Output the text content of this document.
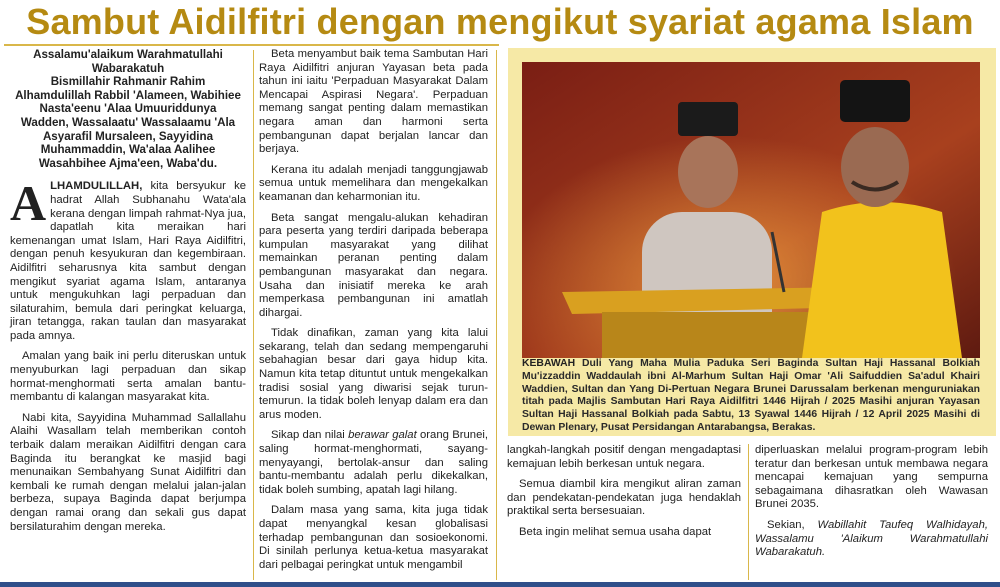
Sambut Aidilfitri dengan mengikut syariat agama Islam
Assalamu'alaikum Warahmatullahi
Wabarakatuh
Bismillahir Rahmanir Rahim
Alhamdulillah Rabbil 'Alameen, Wabihiee
Nasta'eenu 'Alaa Umuuriddunya
Wadden, Wassalaatu' Wassalaamu 'Ala
Asyarafil Mursaleen, Sayyidina
Muhammaddin, Wa'alaa Aalihee
Wasahbihee Ajma'een, Waba'du.

ALHAMDULILLAH, kita bersyukur ke hadrat Allah Subhanahu Wata'ala kerana dengan limpah rahmat-Nya jua, dapatlah kita meraikan hari kemenangan umat Islam, Hari Raya Aidilfitri, dengan penuh kesyukuran dan kegembiraan. Aidilfitri seharusnya kita sambut dengan mengikut syariat agama Islam, antaranya untuk mengukuhkan lagi perpaduan dan silaturahim, bemula dari peringkat keluarga, jiran tetangga, rakan taulan dan masyarakat pada amnya.

Amalan yang baik ini perlu diteruskan untuk menyuburkan lagi perpaduan dan sikap hormat-menghormati serta amalan bantu-membantu di kalangan masyarakat kita.

Nabi kita, Sayyidina Muhammad Sallallahu Alaihi Wasallam telah memberikan contoh terbaik dalam meraikan Aidilfitri dengan cara Baginda itu berangkat ke masjid bagi menunaikan Sembahyang Sunat Aidilfitri dan kembali ke rumah dengan melalui jalan-jalan berbeza, supaya Baginda dapat berjumpa dengan ramai orang dan sekali gus dapat bersilaturahim dengan mereka.

Beta menyambut baik tema Sambutan Hari Raya Aidilfitri anjuran Yayasan beta pada tahun ini iaitu 'Perpaduan Masyarakat Dalam Mencapai Aspirasi Negara'. Perpaduan memang sangat penting dalam memastikan negara aman dan harmoni serta pembangunan dapat berjalan lancar dan berjaya.

Kerana itu adalah menjadi tanggungjawab semua untuk memelihara dan mengekalkan keamanan dan keharmonian itu.

Beta sangat mengalu-alukan kehadiran para peserta yang terdiri daripada beberapa kumpulan masyarakat yang dilihat memainkan peranan penting dalam pembangunan masyarakat dan negara. Usaha dan inisiatif mereka ke arah memperkasa pembangunan ini amatlah dihargai.

Tidak dinafikan, zaman yang kita lalui sekarang, telah dan sedang mempengaruhi sebahagian besar dari gaya hidup kita. Namun kita tetap dituntut untuk mengekalkan tradisi sosial yang diwarisi sejak turun-temurun. Ia tidak boleh lenyap dalam era dan arus moden.

Sikap dan nilai berawar galat orang Brunei, saling hormat-menghormati, sayang-menyayangi, bertolak-ansur dan saling bantu-membantu adalah perlu dikekalkan, tidak boleh sumbing, apatah lagi hilang.

Dalam masa yang sama, kita juga tidak dapat menyangkal kesan globalisasi terhadap pembangunan dan sosioekonomi. Di sinilah perlunya ketua-ketua masyarakat dari pelbagai peringkat untuk mengambil

KEBAWAH Duli Yang Maha Mulia Paduka Seri Baginda Sultan Haji Hassanal Bolkiah Mu'izzaddin Waddaulah ibni Al-Marhum Sultan Haji Omar 'Ali Saifuddien Sa'adul Khairi Waddien, Sultan dan Yang Di-Pertuan Negara Brunei Darussalam berkenan menguruniakan titah pada Majlis Sambutan Hari Raya Aidilfitri 1446 Hijrah / 2025 Masihi anjuran Yayasan Sultan Haji Hassanal Bolkiah pada Sabtu, 13 Syawal 1446 Hijrah / 12 April 2025 Masihi di Dewan Plenary, Pusat Persidangan Antarabangsa, Berakas.

langkah-langkah positif dengan mengadaptasi kemajuan lebih berkesan untuk negara.

Semua diambil kira mengikut aliran zaman dan pendekatan-pendekatan juga hendaklah praktikal serta bersesuaian.

Beta ingin melihat semua usaha dapat

diperluaskan melalui program-program lebih teratur dan berkesan untuk membawa negara mencapai kemajuan yang sempurna sebagaimana dihasratkan oleh Wawasan Brunei 2035.

Sekian, Wabillahit Taufeq Walhidayah, Wassalamu 'Alaikum Warahmatullahi Wabarakatuh.
